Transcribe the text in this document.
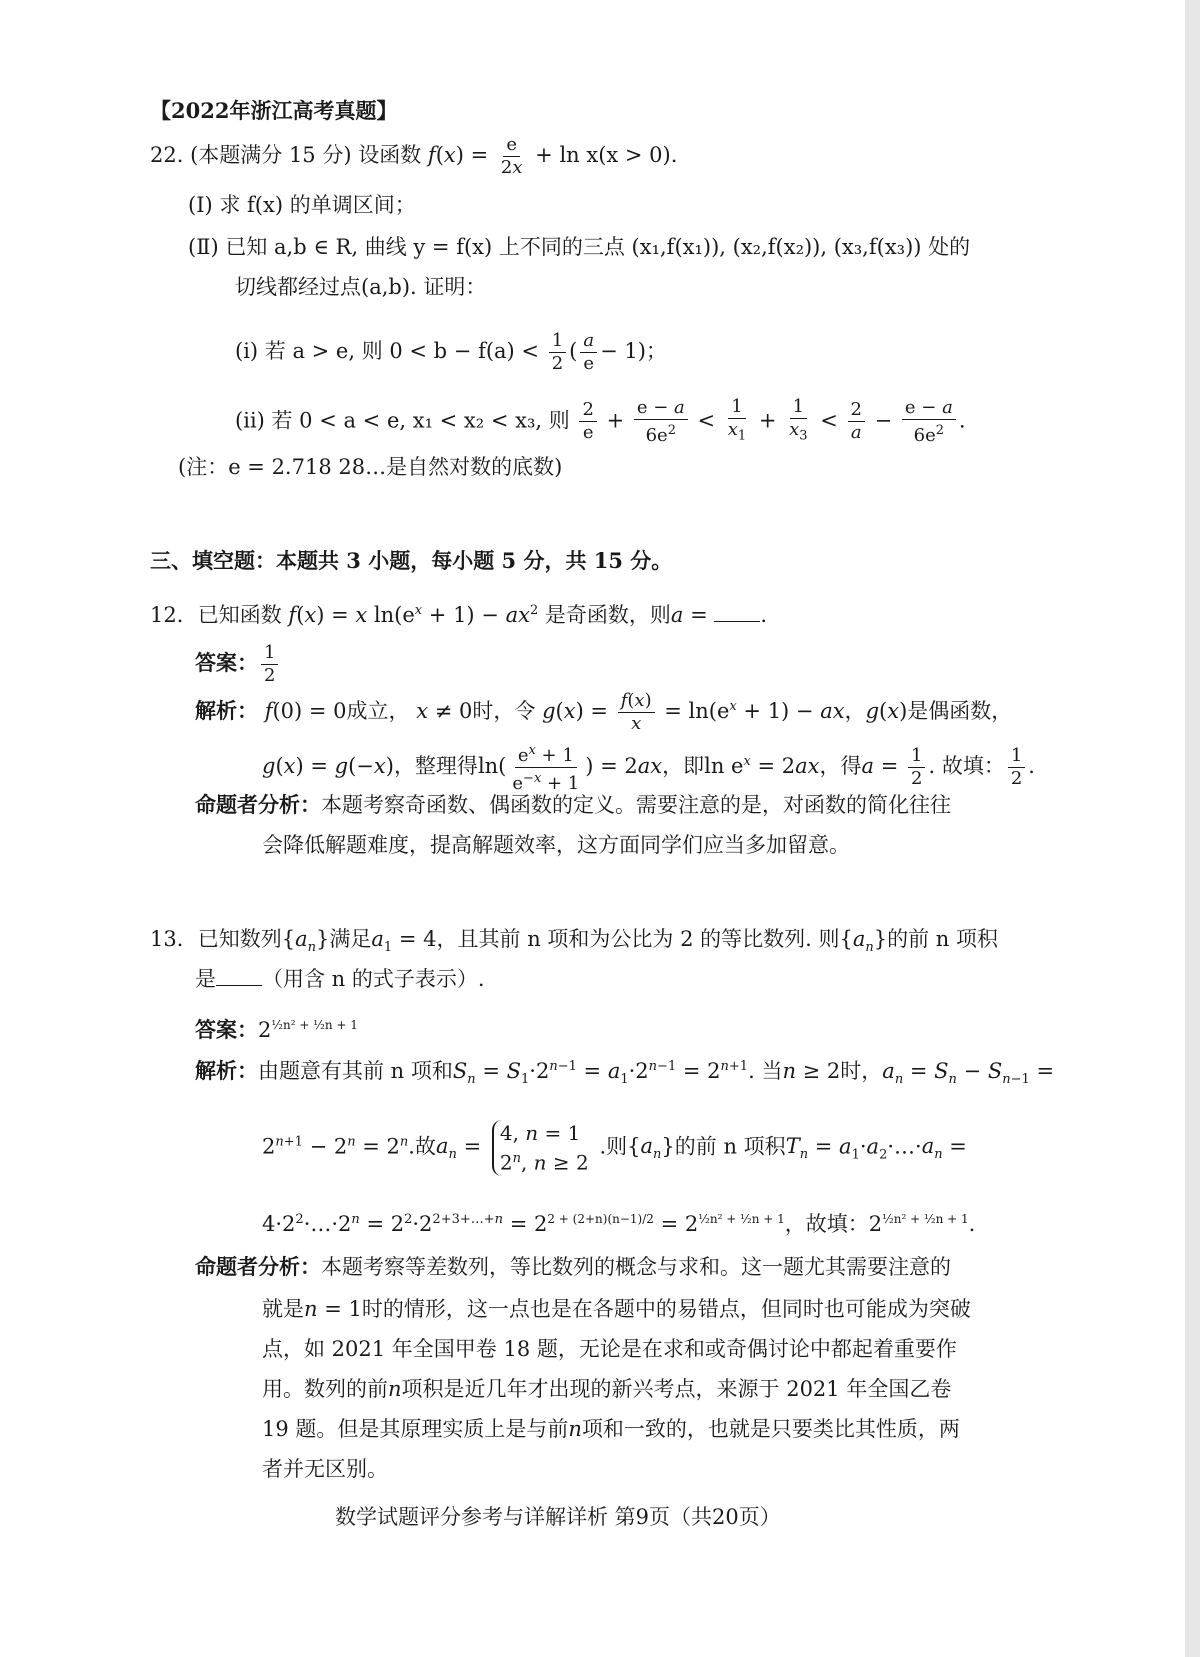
【2022年浙江高考真题】
22. (本题满分 15 分) 设函数 $f(x) = \frac{e}{2x} + \ln x(x > 0)$.
(Ⅰ) 求 f(x) 的单调区间；
(Ⅱ) 已知 a,b ∈ R, 曲线 y = f(x) 上不同的三点 (x₁,f(x₁)), (x₂,f(x₂)), (x₃,f(x₃)) 处的
切线都经过点(a,b). 证明：
(ⅰ) 若 a > e, 则 $0 < b - f(a) < \frac{1}{2}$ ( $\frac{a}{e} - 1$)；
(ⅱ) 若 0 < a < e, x₁ < x₂ < x₃, 则 $\frac{2}{e} + \frac{e - a}{6e^2} < \frac{1}{x_1} + \frac{1}{x_3} < \frac{2}{a} - \frac{e - a}{6e^2}$ .
(注：e = 2.718 28…是自然对数的底数)
三、填空题：本题共 3 小题，每小题 5 分，共 15 分。
12．已知函数 f(x) = x $\ln(e^x + 1) - ax^2$ 是奇函数，则a = .
答案： $\frac{1}{2}$
解析： f(0) = 0成立， x ≠ 0时，令 $g(x) = \frac{f(x)}{x} = \ln(e^x + 1)$ − ax，g(x)是偶函数，
g(x) = g(−x)，整理得$\ln( \frac{e^x + 1}{e^{-x} + 1}$ ) = 2ax，即$\ln e^x = 2ax$，得$a = \frac{1}{2}$ . 故填： $\frac{1}{2}$ .
命题者分析：本题考察奇函数、偶函数的定义。需要注意的是，对函数的简化往往
会降低解题难度，提高解题效率，这方面同学们应当多加留意。
13．已知数列$\{a_n\}$满足$a_1 = 4$，且其前 n 项和为公比为 2 的等比数列. 则$\{a_n\}$的前 n 项积
是 （用含 n 的式子表示）.
答案：$2^{\frac{1}{2}n^2 + \frac{1}{2}n + 1}$
解析：由题意有其前 n 项和$S_n = S_1\cdot 2^{n-1} = a_1\cdot 2^{n-1} = 2^{n+1}$. 当n ≥ 2时，$a_n = S_n - S_{n-1}$ =
$2^{n+1} - 2^n = 2^n$.故$a_n$ =
4, n = 1
2$^n$, n ≥ 2
.则$\{a_n\}$的前 n 项积$T_n$ = $a_1\cdot a_2\cdot\dots\cdot a_n$ =
$4\cdot 2^2\cdot\dots\cdot 2^n = 2^2\cdot 2^{2+3+\dots+n} = 2^{2 + (2+n)(n-1)/2} = 2^{\frac{1}{2}n^2 + \frac{1}{2}n + 1}$，故填：$2^{\frac{1}{2}n^2 + \frac{1}{2}n + 1}$.
命题者分析：本题考察等差数列，等比数列的概念与求和。这一题尤其需要注意的
就是n = 1时的情形，这一点也是在各题中的易错点，但同时也可能成为突破
点，如 2021 年全国甲卷 18 题，无论是在求和或奇偶讨论中都起着重要作
用。数列的前n项积是近几年才出现的新兴考点，来源于 2021 年全国乙卷
19 题。但是其原理实质上是与前n项和一致的，也就是只要类比其性质，两
者并无区别。
数学试题评分参考与详解详析 第9页（共20页）
